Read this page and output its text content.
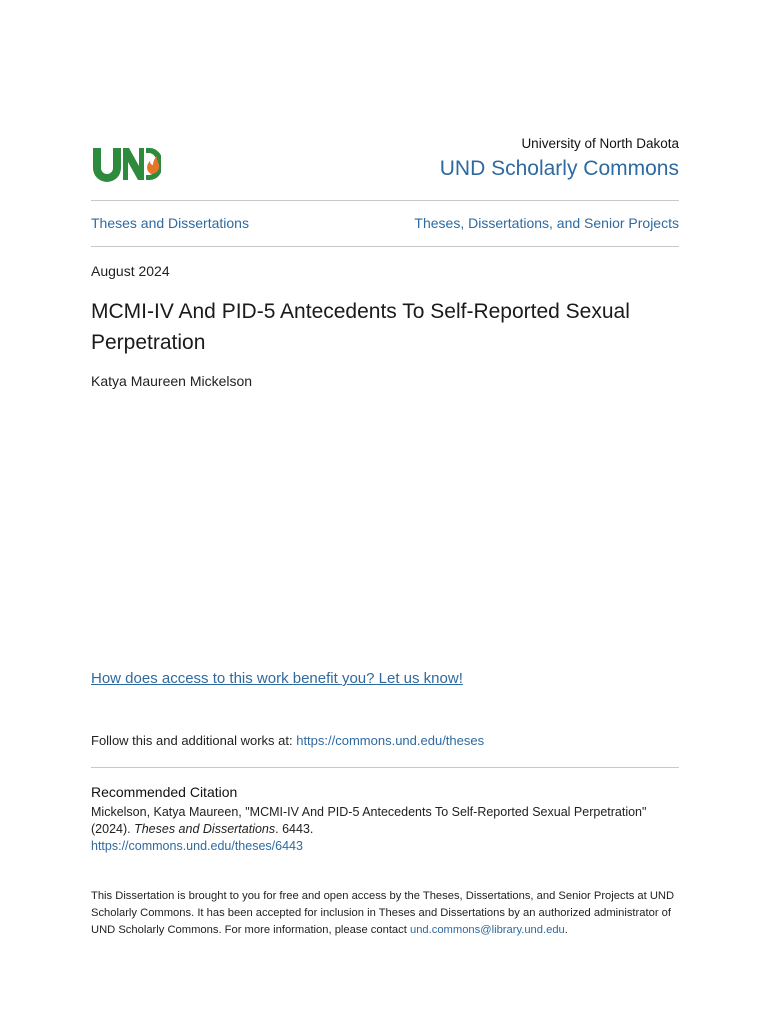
University of North Dakota
UND Scholarly Commons
Theses and Dissertations	Theses, Dissertations, and Senior Projects
August 2024
MCMI-IV And PID-5 Antecedents To Self-Reported Sexual Perpetration
Katya Maureen Mickelson
How does access to this work benefit you? Let us know!
Follow this and additional works at: https://commons.und.edu/theses
Recommended Citation
Mickelson, Katya Maureen, "MCMI-IV And PID-5 Antecedents To Self-Reported Sexual Perpetration"
(2024). Theses and Dissertations. 6443.
https://commons.und.edu/theses/6443
This Dissertation is brought to you for free and open access by the Theses, Dissertations, and Senior Projects at UND Scholarly Commons. It has been accepted for inclusion in Theses and Dissertations by an authorized administrator of UND Scholarly Commons. For more information, please contact und.commons@library.und.edu.
